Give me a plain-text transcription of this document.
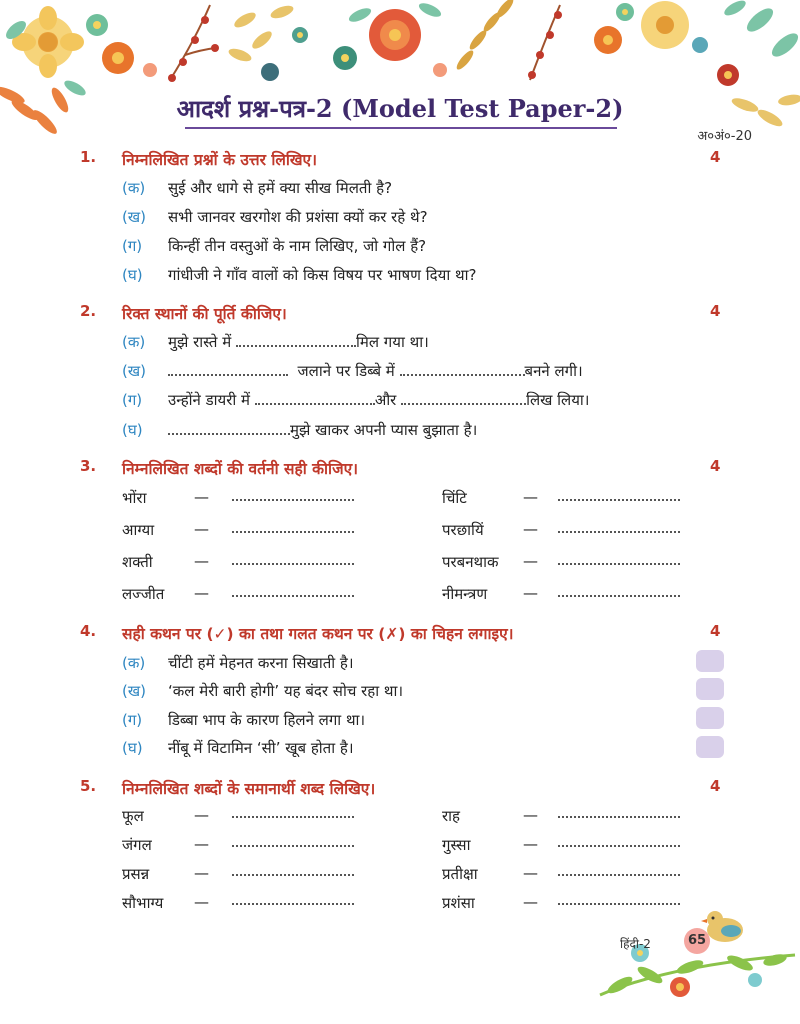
आदर्श प्रश्न-पत्र-2 (Model Test Paper-2)
अ०अं०-20
1. निम्नलिखित प्रश्नों के उत्तर लिखिए।	4
(क) सुई और धागे से हमें क्या सीख मिलती है?
(ख) सभी जानवर खरगोश की प्रशंसा क्यों कर रहे थे?
(ग) किन्हीं तीन वस्तुओं के नाम लिखिए, जो गोल हैं?
(घ) गांधीजी ने गाँव वालों को किस विषय पर भाषण दिया था?
2. रिक्त स्थानों की पूर्ति कीजिए।	4
(क) मुझे रास्ते में	मिल गया था।
(ख)	जलाने पर डिब्बे में	बनने लगी।
(ग) उन्होंने डायरी में	और	लिख लिया।
(घ)	मुझे खाकर अपनी प्यास बुझाता है।
3. निम्नलिखित शब्दों की वर्तनी सही कीजिए।	4
भोंरा	—	चिंटि	—
आग्या	—	परछायिं	—
शक्ती	—	परबनथाक —
लज्जीत —	नीमन्त्रण —
4. सही कथन पर (✓) का तथा गलत कथन पर (✗) का चिहन लगाइए।	4
(क) चींटी हमें मेहनत करना सिखाती है।
(ख) ‘कल मेरी बारी होगी’ यह बंदर सोच रहा था।
(ग) डिब्बा भाप के कारण हिलने लगा था।
(घ) नींबू में विटामिन ‘सी’ खूब होता है।
5. निम्नलिखित शब्दों के समानार्थी शब्द लिखिए।	4
फूल	—	राह	—
जंगल	—	गुस्सा	—
प्रसन्न	—	प्रतीक्षा	—
सौभाग्य —	प्रशंसा	—
हिंदी-2	65
